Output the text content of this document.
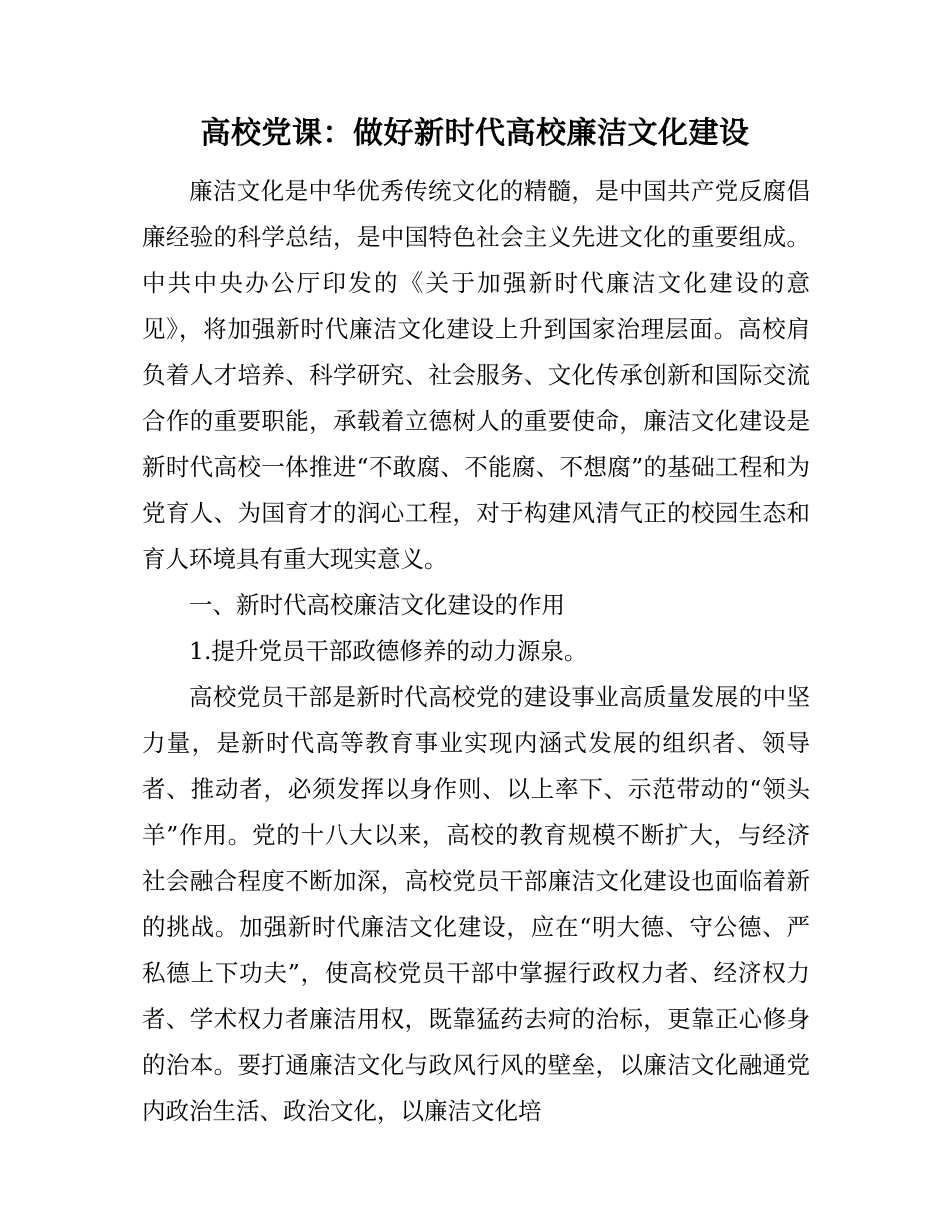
高校党课：做好新时代高校廉洁文化建设

廉洁文化是中华优秀传统文化的精髓，是中国共产党反腐倡廉经验的科学总结，是中国特色社会主义先进文化的重要组成。中共中央办公厅印发的《关于加强新时代廉洁文化建设的意见》，将加强新时代廉洁文化建设上升到国家治理层面。高校肩负着人才培养、科学研究、社会服务、文化传承创新和国际交流合作的重要职能，承载着立德树人的重要使命，廉洁文化建设是新时代高校一体推进“不敢腐、不能腐、不想腐”的基础工程和为党育人、为国育才的润心工程，对于构建风清气正的校园生态和育人环境具有重大现实意义。

一、新时代高校廉洁文化建设的作用

1.提升党员干部政德修养的动力源泉。

高校党员干部是新时代高校党的建设事业高质量发展的中坚力量，是新时代高等教育事业实现内涵式发展的组织者、领导者、推动者，必须发挥以身作则、以上率下、示范带动的“领头羊”作用。党的十八大以来，高校的教育规模不断扩大，与经济社会融合程度不断加深，高校党员干部廉洁文化建设也面临着新的挑战。加强新时代廉洁文化建设，应在“明大德、守公德、严私德上下功夫”，使高校党员干部中掌握行政权力者、经济权力者、学术权力者廉洁用权，既靠猛药去疴的治标，更靠正心修身的治本。要打通廉洁文化与政风行风的壁垒，以廉洁文化融通党内政治生活、政治文化，以廉洁文化培
